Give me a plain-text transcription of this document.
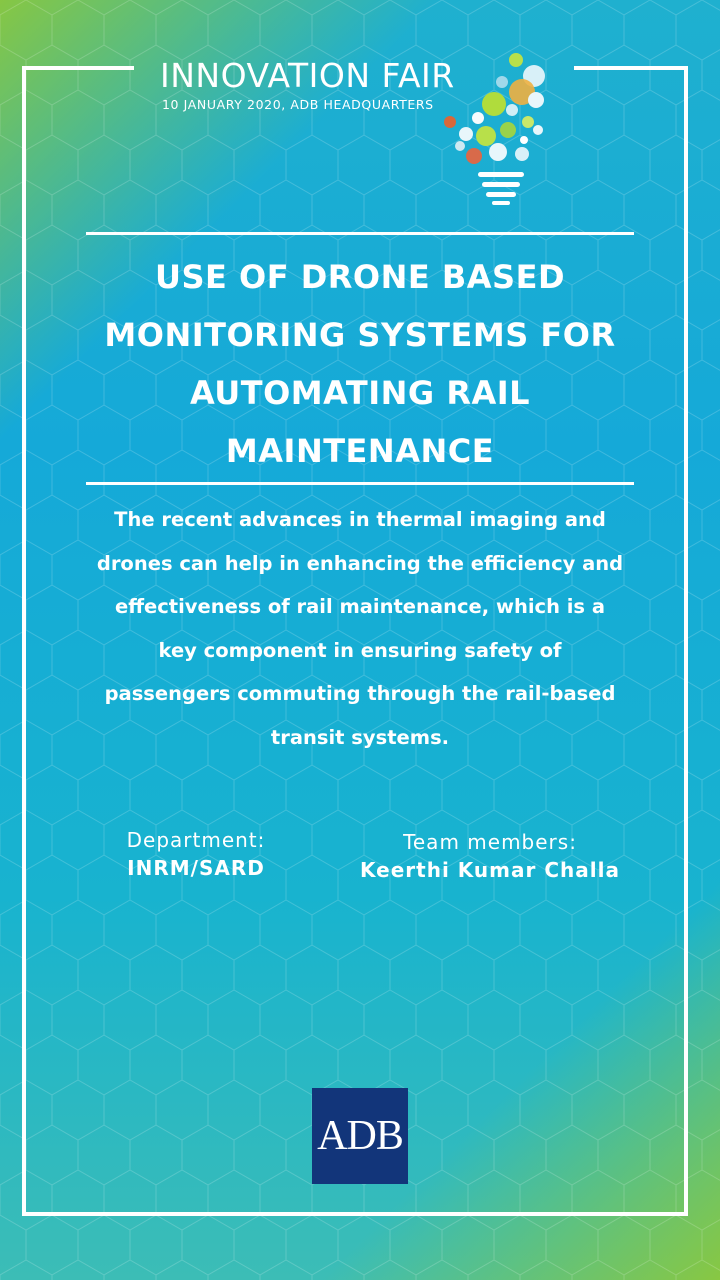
INNOVATION FAIR
10 JANUARY 2020, ADB HEADQUARTERS
USE OF DRONE BASED MONITORING SYSTEMS FOR AUTOMATING RAIL MAINTENANCE
The recent advances in thermal imaging and drones can help in enhancing the efficiency and effectiveness of rail maintenance, which is a key component in ensuring safety of passengers commuting through the rail-based transit systems.
Department:
INRM/SARD
Team members:
Keerthi Kumar Challa
ADB
